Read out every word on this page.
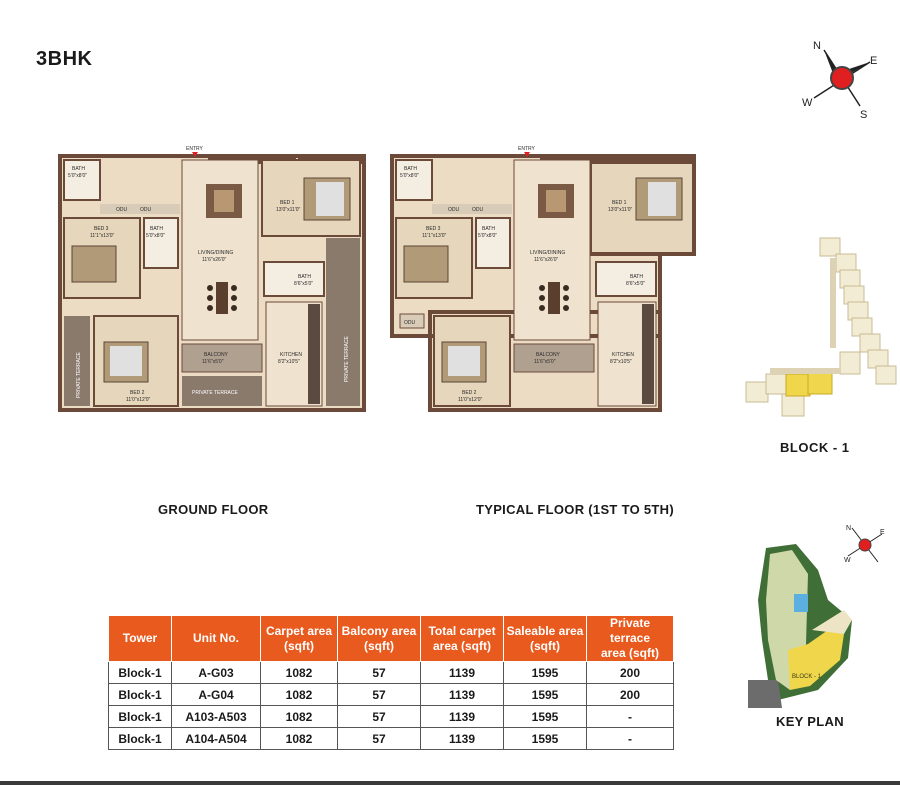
3BHK
N
E
S
W
ENTRY
BATH
5'0"x8'0"
ODU	ODU
BED 3
11'1"x13'0"
BATH
5'0"x8'0"
LIVING/DINING
11'6"x26'0"
BED 1
13'0"x11'0"
BATH
8'6"x5'0"
BED 2
11'0"x12'0"
PRIVATE TERRACE	BALCONY
11'6"x5'0"
PRIVATE TERRACE
KITCHEN
8'2"x10'5"	PRIVATE TERRACE
ENTRY
BATH
5'0"x8'0"
ODU	ODU
BED 3
11'1"x13'0"
ODU
BATH
5'0"x8'0"
LIVING/DINING
11'6"x26'0"
BED 1
13'0"x11'0"
BATH
8'6"x5'0"
BED 2
11'0"x12'0"
BALCONY
11'6"x5'0"
KITCHEN
8'2"x10'5"
GROUND FLOOR	TYPICAL FLOOR (1ST TO 5TH)
BLOCK - 1
N
E
W
BLOCK - 1
KEY PLAN
Tower	Unit No.	Carpet area
(sqft)	Balcony area
(sqft)	Total carpet
area (sqft)	Saleable area
(sqft)	Private terrace
area (sqft)
Block-1	A-G03	1082	57	1139	1595	200
Block-1	A-G04	1082	57	1139	1595	200
Block-1	A103-A503	1082	57	1139	1595	-
Block-1	A104-A504	1082	57	1139	1595	-
